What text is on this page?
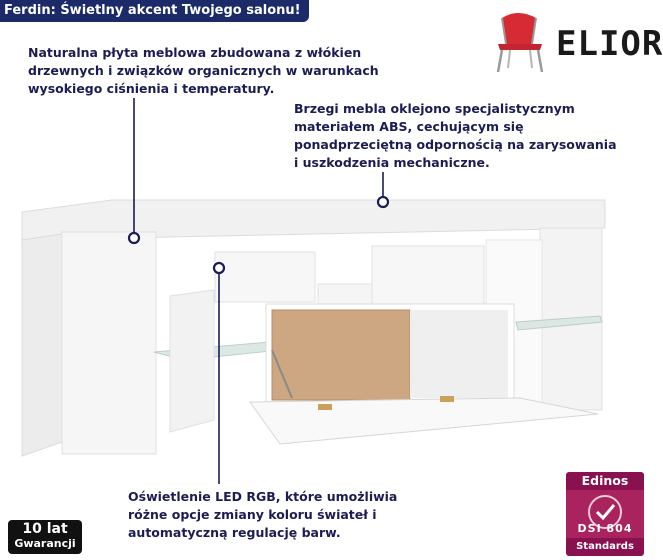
Ferdin: Świetlny akcent Twojego salonu!
ELIOR
Naturalna płyta meblowa zbudowana z włókien
drzewnych i związków organicznych w warunkach
wysokiego ciśnienia i temperatury.
Brzegi mebla oklejono specjalistycznym
materiałem ABS, cechującym się
ponadprzeciętną odpornością na zarysowania
i uszkodzenia mechaniczne.
Oświetlenie LED RGB, które umożliwia
różne opcje zmiany koloru świateł i
automatyczną regulację barw.
10 lat
Gwarancji
Edinos
DSI 804
Standards
